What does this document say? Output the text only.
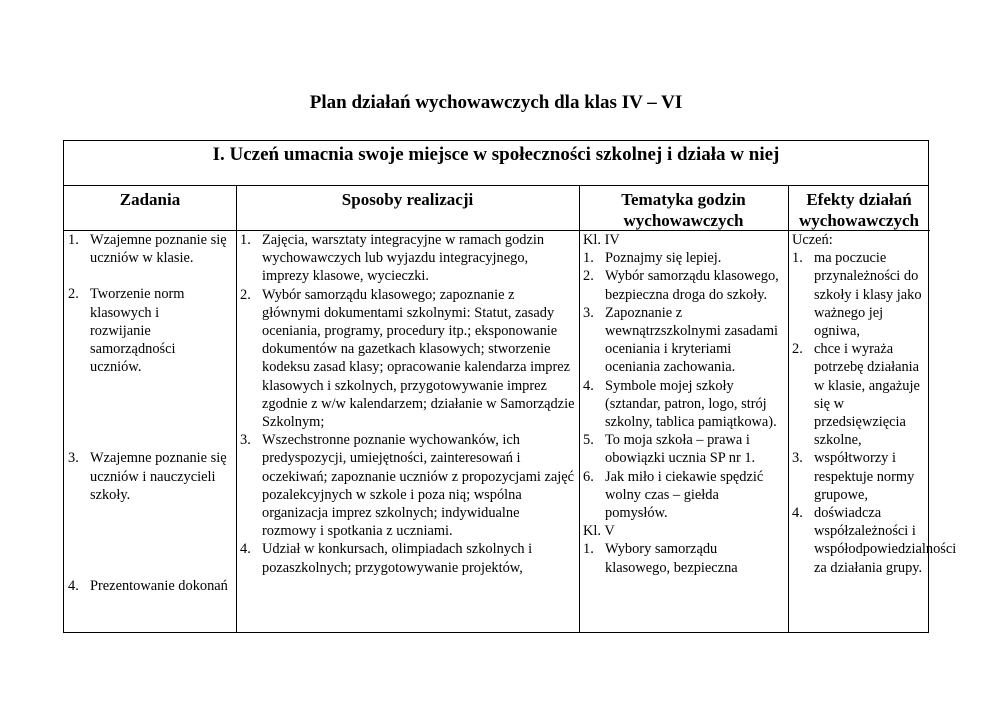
Plan działań wychowawczych dla klas IV – VI
I. Uczeń umacnia swoje miejsce w społeczności szkolnej i działa w niej
Zadania	Sposoby realizacji	Tematyka godzin wychowawczych
Efekty działań wychowawczych
1. Wzajemne poznanie się uczniów w klasie.
2. Tworzenie norm klasowych i rozwijanie samorządności uczniów.
3. Wzajemne poznanie się uczniów i nauczycieli szkoły.
4. Prezentowanie dokonań
1. Zajęcia, warsztaty integracyjne w ramach godzin wychowawczych lub wyjazdu integracyjnego, imprezy klasowe, wycieczki.
2. Wybór samorządu klasowego; zapoznanie z głównymi dokumentami szkolnymi: Statut, zasady oceniania, programy, procedury itp.; eksponowanie dokumentów na gazetkach klasowych; stworzenie kodeksu zasad klasy; opracowanie kalendarza imprez klasowych i szkolnych, przygotowywanie imprez zgodnie z w/w kalendarzem; działanie w Samorządzie Szkolnym;
3. Wszechstronne poznanie wychowanków, ich predyspozycji, umiejętności, zainteresowań i oczekiwań; zapoznanie uczniów z propozycjami zajęć pozalekcyjnych w szkole i poza nią; wspólna organizacja imprez szkolnych; indywidualne rozmowy i spotkania z uczniami.
4. Udział w konkursach, olimpiadach szkolnych i pozaszkolnych; przygotowywanie projektów,
Kl. IV
1. Poznajmy się lepiej.
2. Wybór samorządu klasowego, bezpieczna droga do szkoły.
3. Zapoznanie z wewnątrzszkolnymi zasadami oceniania i kryteriami oceniania zachowania.
4. Symbole mojej szkoły (sztandar, patron, logo, strój szkolny, tablica pamiątkowa).
5. To moja szkoła – prawa i obowiązki ucznia SP nr 1.
6. Jak miło i ciekawie spędzić wolny czas – giełda pomysłów.
Kl. V
1. Wybory samorządu klasowego, bezpieczna
Uczeń:
1. ma poczucie przynależności do szkoły i klasy jako ważnego jej ogniwa,
2. chce i wyraża potrzebę działania w klasie, angażuje się w przedsięwzięcia szkolne,
3. współtworzy i respektuje normy grupowe,
4. doświadcza współzależności i współodpowiedzialności za działania grupy.
